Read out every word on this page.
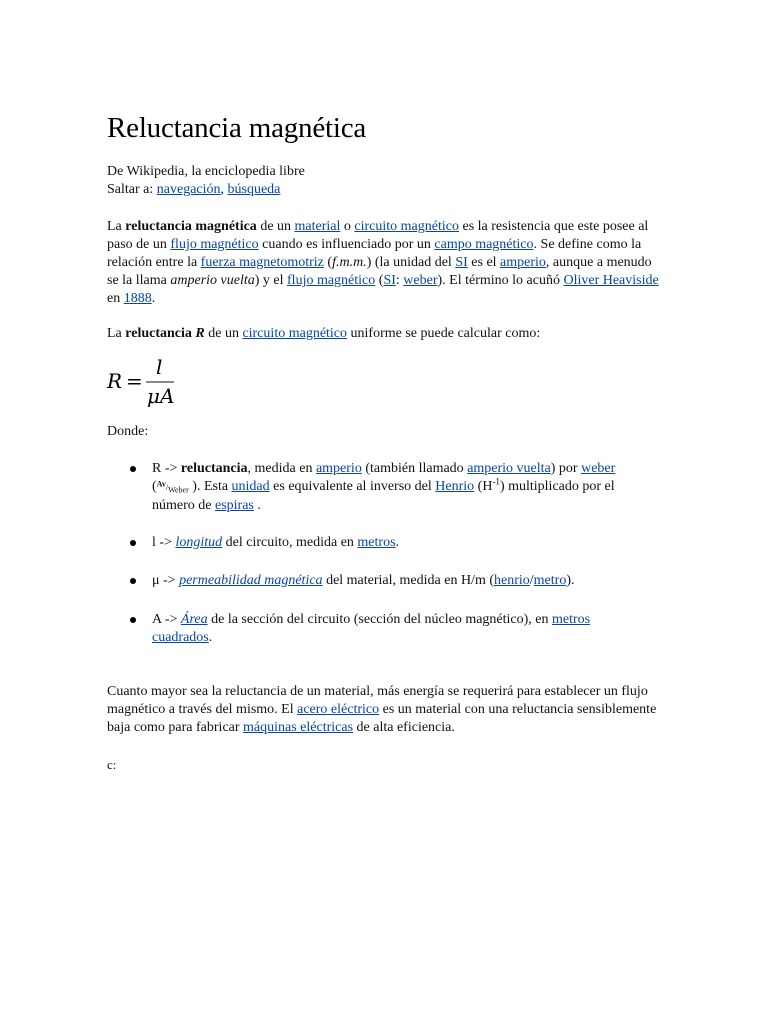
Reluctancia magnética
De Wikipedia, la enciclopedia libre
Saltar a: navegación, búsqueda

La reluctancia magnética de un material o circuito magnético es la resistencia que este posee al paso de un flujo magnético cuando es influenciado por un campo magnético. Se define como la relación entre la fuerza magnetomotriz (f.m.m.) (la unidad del SI es el amperio, aunque a menudo se la llama amperio vuelta) y el flujo magnético (SI: weber). El término lo acuñó Oliver Heaviside en 1888.

La reluctancia R de un circuito magnético uniforme se puede calcular como:

R =
l
μA
Donde:
R -> reluctancia, medida en amperio (también llamado amperio vuelta) por weber (Av/Weber ). Esta unidad es equivalente al inverso del Henrio $(H^{-1})$ multiplicado por el número de espiras .
l -> longitud del circuito, medida en metros.
μ -> permeabilidad magnética del material, medida en H/m (henrio/metro).
A -> Área de la sección del circuito (sección del núcleo magnético), en metros cuadrados.

Cuanto mayor sea la reluctancia de un material, más energía se requerirá para establecer un flujo magnético a través del mismo. El acero eléctrico es un material con una reluctancia sensiblemente baja como para fabricar máquinas eléctricas de alta eficiencia.

c:
